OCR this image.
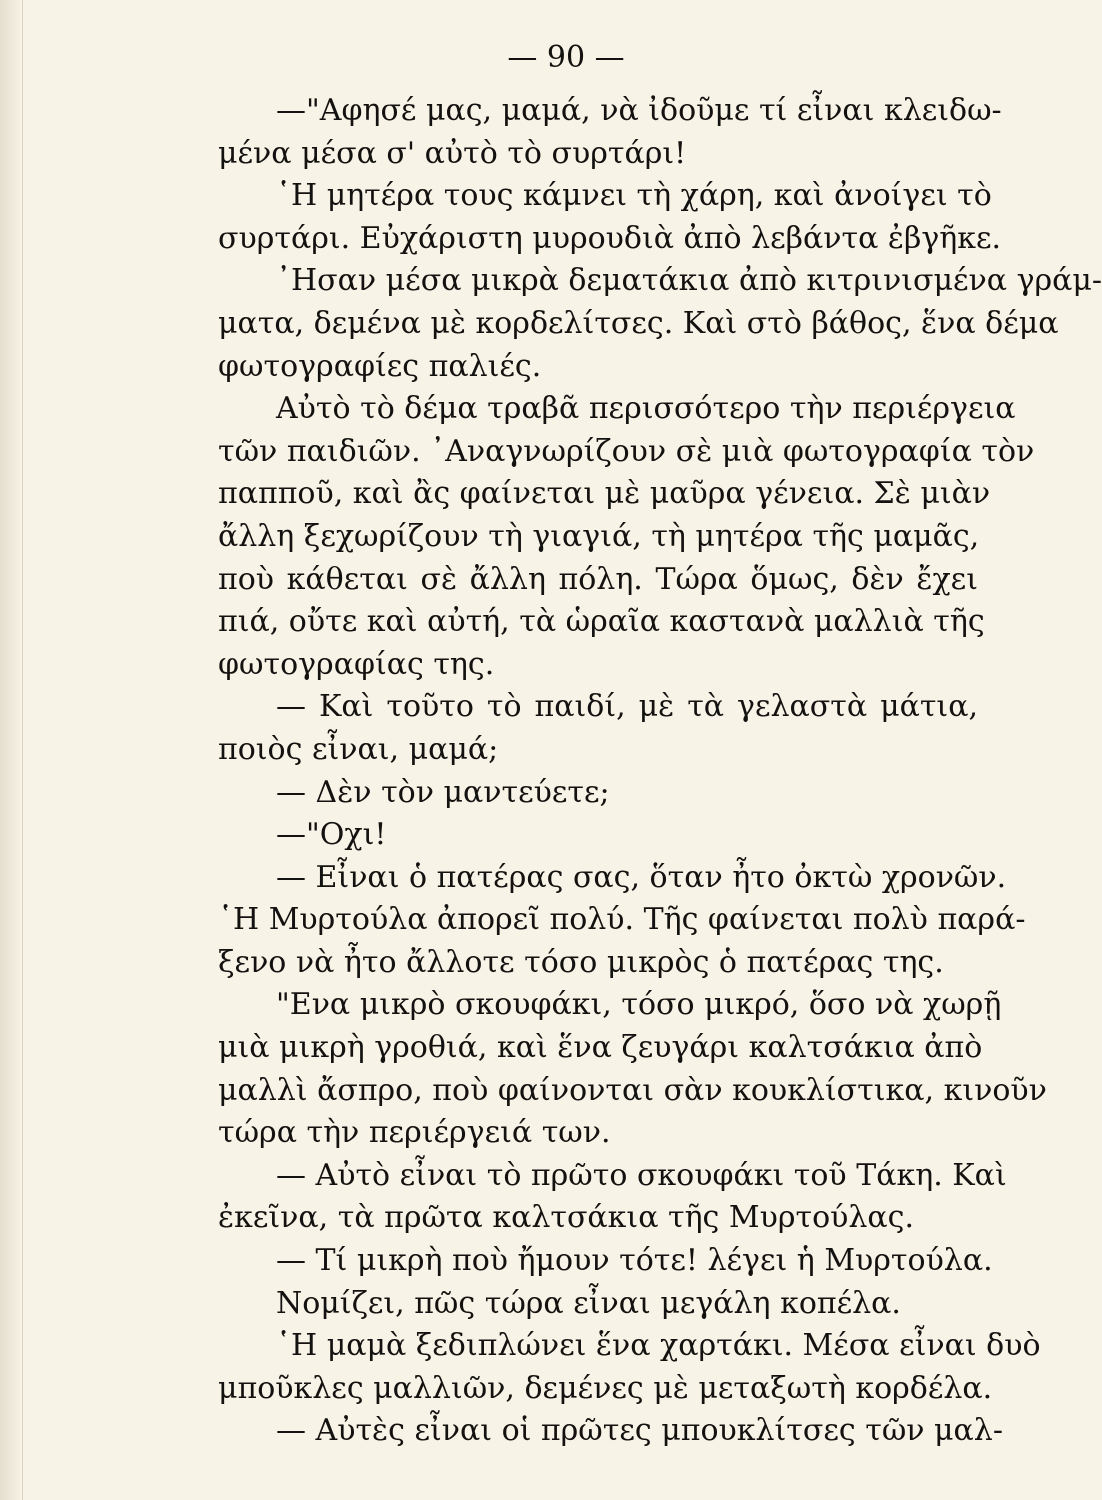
— 90 —
—"Αφησέ μας, μαμά, νὰ ἰδοῦμε τί εἶναι κλειδω-
μένα μέσα σ' αὐτὸ τὸ συρτάρι!
῾Η μητέρα τους κάμνει τὴ χάρη, καὶ ἀνοίγει τὸ
συρτάρι. Εὐχάριστη μυρουδιὰ ἀπὸ λεβάντα ἐβγῆκε.
᾽Ησαν μέσα μικρὰ δεματάκια ἀπὸ κιτρινισμένα γράμ-
ματα, δεμένα μὲ κορδελίτσες. Καὶ στὸ βάθος, ἕνα δέμα
φωτογραφίες παλιές.
Αὐτὸ τὸ δέμα τραβᾶ περισσότερο τὴν περιέργεια
τῶν παιδιῶν. ᾽Αναγνωρίζουν σὲ μιὰ φωτογραφία τὸν
παπποῦ, καὶ ἂς φαίνεται μὲ μαῦρα γένεια. Σὲ μιὰν
ἄλλη ξεχωρίζουν τὴ γιαγιά, τὴ μητέρα τῆς μαμᾶς,
ποὺ κάθεται σὲ ἄλλη πόλη. Τώρα ὅμως, δὲν ἔχει
πιά, οὔτε καὶ αὐτή, τὰ ὡραῖα καστανὰ μαλλιὰ τῆς
φωτογραφίας της.
— Καὶ τοῦτο τὸ παιδί, μὲ τὰ γελαστὰ μάτια,
ποιὸς εἶναι, μαμά;
— Δὲν τὸν μαντεύετε;
—"Οχι!
— Εἶναι ὁ πατέρας σας, ὅταν ἦτο ὀκτὼ χρονῶν.
῾Η Μυρτούλα ἀπορεῖ πολύ. Τῆς φαίνεται πολὺ παρά-
ξενο νὰ ἦτο ἄλλοτε τόσο μικρὸς ὁ πατέρας της.
"Ενα μικρὸ σκουφάκι, τόσο μικρό, ὅσο νὰ χωρῇ
μιὰ μικρὴ γροθιά, καὶ ἕνα ζευγάρι καλτσάκια ἀπὸ
μαλλὶ ἄσπρο, ποὺ φαίνονται σὰν κουκλίστικα, κινοῦν
τώρα τὴν περιέργειά των.
— Αὐτὸ εἶναι τὸ πρῶτο σκουφάκι τοῦ Τάκη. Καὶ
ἐκεῖνα, τὰ πρῶτα καλτσάκια τῆς Μυρτούλας.
— Τί μικρὴ ποὺ ἤμουν τότε! λέγει ἡ Μυρτούλα.
Νομίζει, πῶς τώρα εἶναι μεγάλη κοπέλα.
῾Η μαμὰ ξεδιπλώνει ἕνα χαρτάκι. Μέσα εἶναι δυὸ
μποῦκλες μαλλιῶν, δεμένες μὲ μεταξωτὴ κορδέλα.
— Αὐτὲς εἶναι οἱ πρῶτες μπουκλίτσες τῶν μαλ-
